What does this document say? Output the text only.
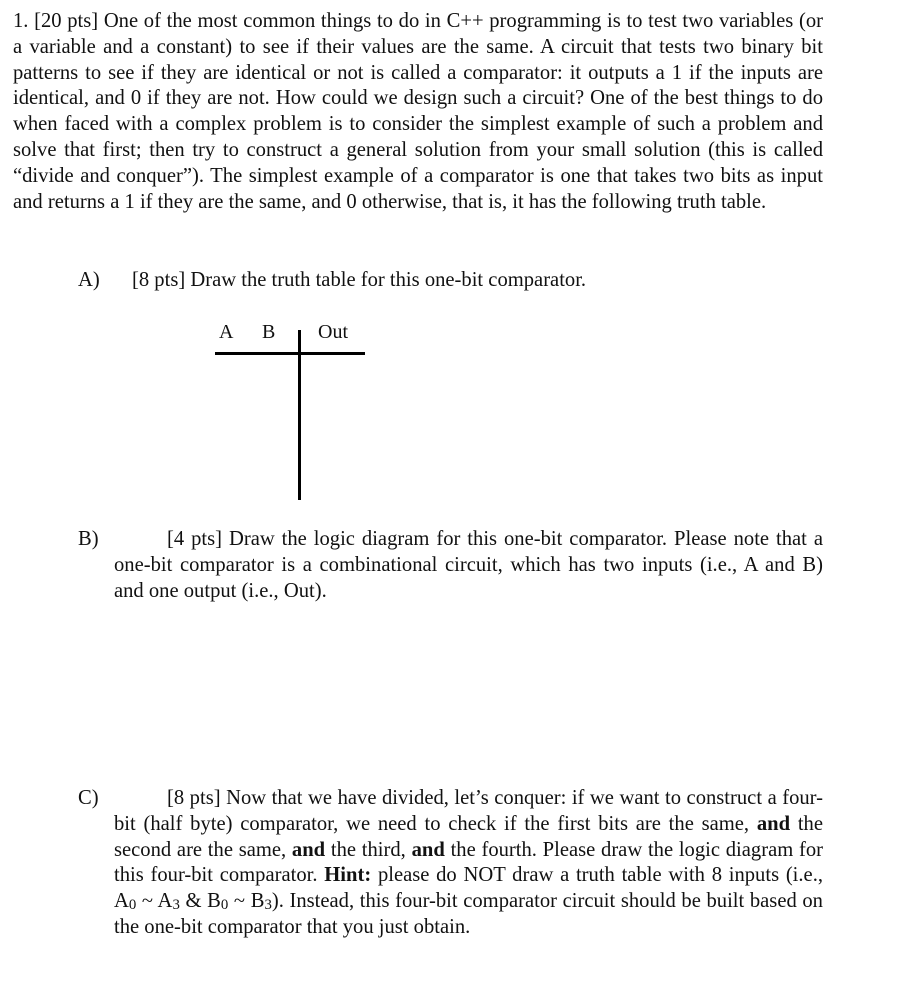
1. [20 pts] One of the most common things to do in C++ programming is to test two variables (or a variable and a constant) to see if their values are the same. A circuit that tests two binary bit patterns to see if they are identical or not is called a comparator: it outputs a 1 if the inputs are identical, and 0 if they are not. How could we design such a circuit? One of the best things to do when faced with a complex problem is to consider the simplest example of such a problem and solve that first; then try to construct a general solution from your small solution (this is called “divide and conquer”). The simplest example of a comparator is one that takes two bits as input and returns a 1 if they are the same, and 0 otherwise, that is, it has the following truth table.

A)	[8 pts] Draw the truth table for this one-bit comparator.

A B Out
B)	[4 pts] Draw the logic diagram for this one-bit comparator. Please note that a one-bit comparator is a combinational circuit, which has two inputs (i.e., A and B) and one output (i.e., Out).

C)	[8 pts] Now that we have divided, let’s conquer: if we want to construct a four-bit (half byte) comparator, we need to check if the first bits are the same, and the second are the same, and the third, and the fourth. Please draw the logic diagram for this four-bit comparator. Hint: please do NOT draw a truth table with 8 inputs (i.e., $A_0$ ~ $A_3$ & $B_0$ ~ $B_3$). Instead, this four-bit comparator circuit should be built based on the one-bit comparator that you just obtain.
